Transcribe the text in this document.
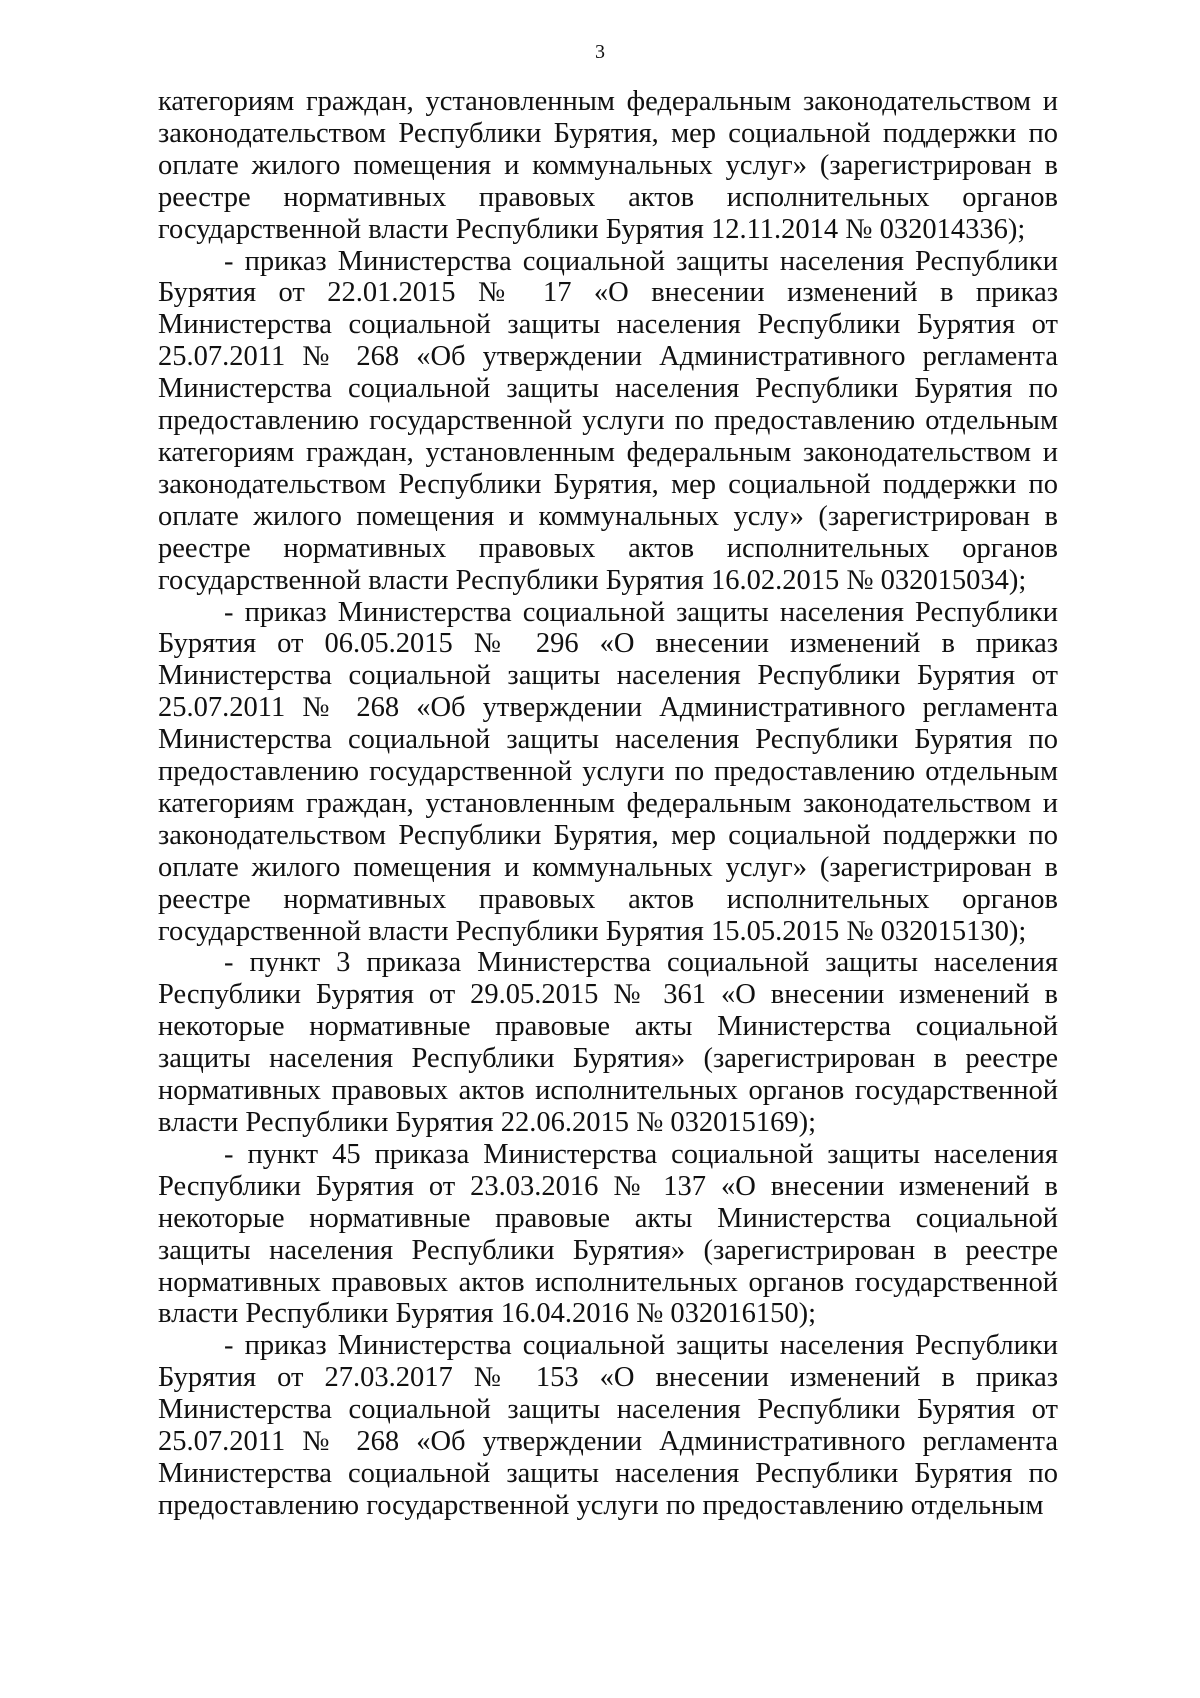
3

категориям граждан, установленным федеральным законодательством и законодательством Республики Бурятия, мер социальной поддержки по оплате жилого помещения и коммунальных услуг» (зарегистрирован в реестре нормативных правовых актов исполнительных органов государственной власти Республики Бурятия 12.11.2014 № 032014336);

- приказ Министерства социальной защиты населения Республики Бурятия от 22.01.2015 № 17 «О внесении изменений в приказ Министерства социальной защиты населения Республики Бурятия от 25.07.2011 № 268 «Об утверждении Административного регламента Министерства социальной защиты населения Республики Бурятия по предоставлению государственной услуги по предоставлению отдельным категориям граждан, установленным федеральным законодательством и законодательством Республики Бурятия, мер социальной поддержки по оплате жилого помещения и коммунальных услу» (зарегистрирован в реестре нормативных правовых актов исполнительных органов государственной власти Республики Бурятия 16.02.2015 № 032015034);

- приказ Министерства социальной защиты населения Республики Бурятия от 06.05.2015 № 296 «О внесении изменений в приказ Министерства социальной защиты населения Республики Бурятия от 25.07.2011 № 268 «Об утверждении Административного регламента Министерства социальной защиты населения Республики Бурятия по предоставлению государственной услуги по предоставлению отдельным категориям граждан, установленным федеральным законодательством и законодательством Республики Бурятия, мер социальной поддержки по оплате жилого помещения и коммунальных услуг» (зарегистрирован в реестре нормативных правовых актов исполнительных органов государственной власти Республики Бурятия 15.05.2015 № 032015130);

- пункт 3 приказа Министерства социальной защиты населения Республики Бурятия от 29.05.2015 № 361 «О внесении изменений в некоторые нормативные правовые акты Министерства социальной защиты населения Республики Бурятия» (зарегистрирован в реестре нормативных правовых актов исполнительных органов государственной власти Республики Бурятия 22.06.2015 № 032015169);

- пункт 45 приказа Министерства социальной защиты населения Республики Бурятия от 23.03.2016 № 137 «О внесении изменений в некоторые нормативные правовые акты Министерства социальной защиты населения Республики Бурятия» (зарегистрирован в реестре нормативных правовых актов исполнительных органов государственной власти Республики Бурятия 16.04.2016 № 032016150);

- приказ Министерства социальной защиты населения Республики Бурятия от 27.03.2017 № 153 «О внесении изменений в приказ Министерства социальной защиты населения Республики Бурятия от 25.07.2011 № 268 «Об утверждении Административного регламента Министерства социальной защиты населения Республики Бурятия по предоставлению государственной услуги по предоставлению отдельным
